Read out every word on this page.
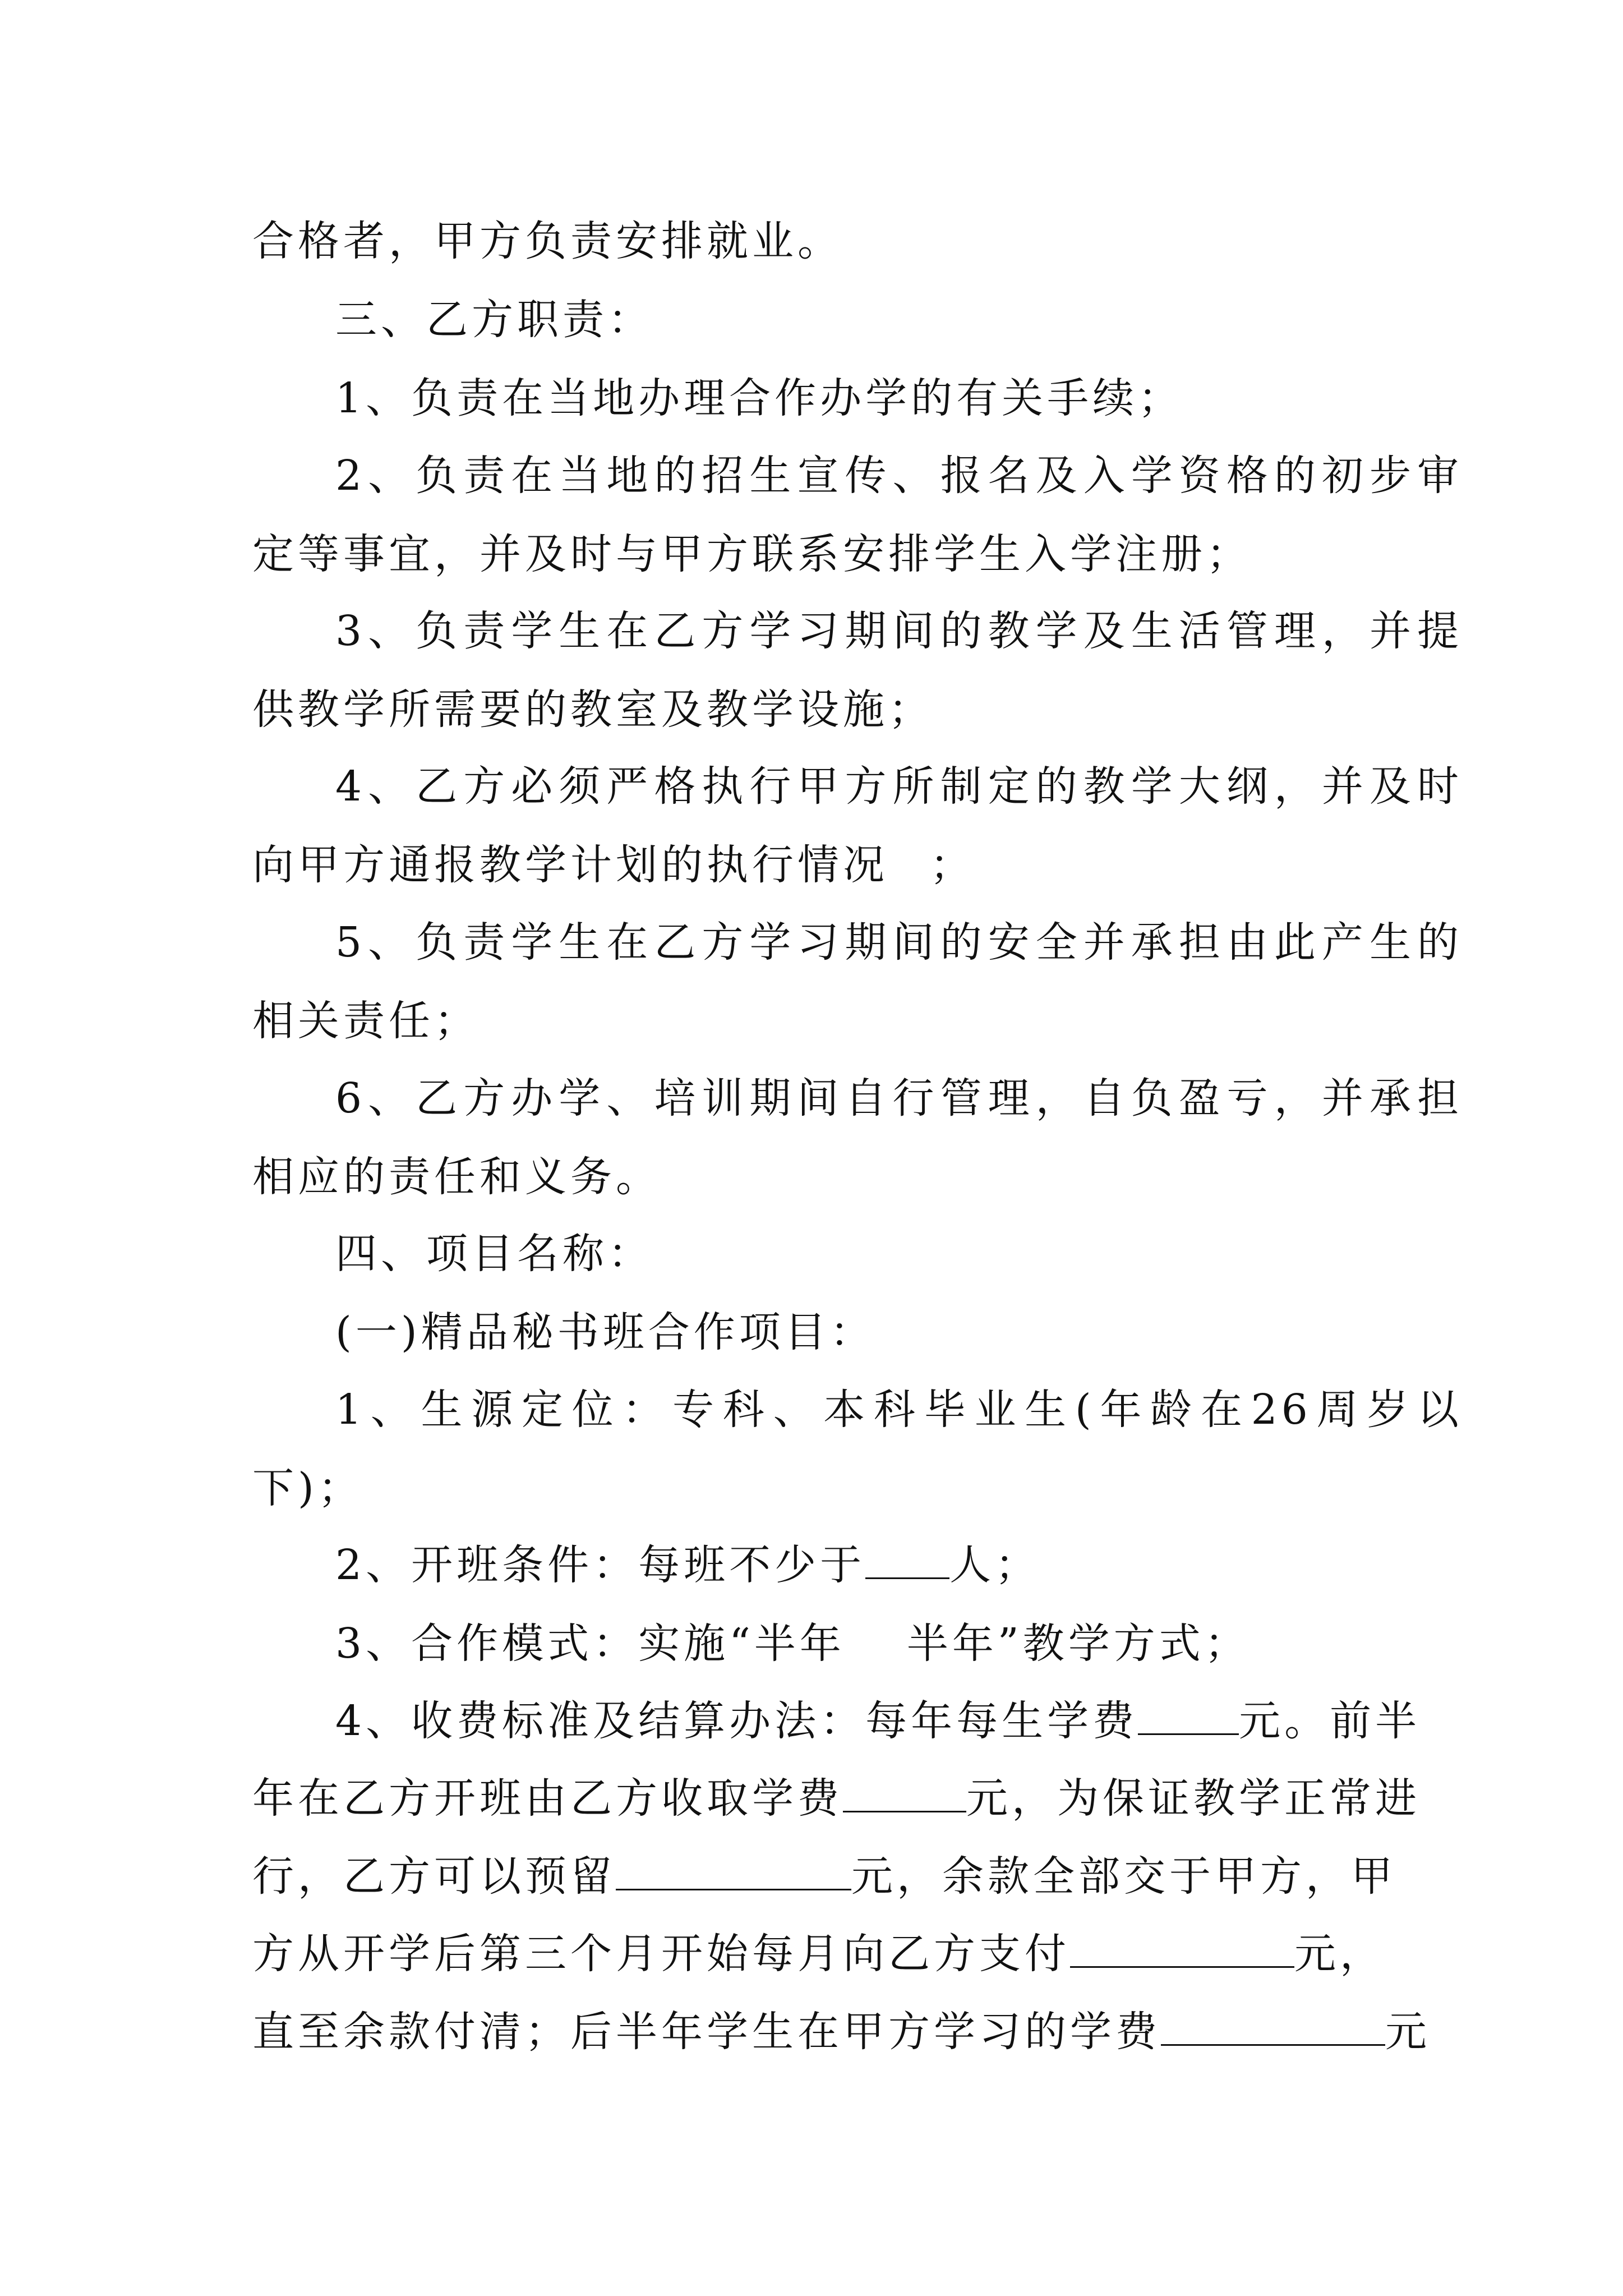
合格者，甲方负责安排就业。
三、乙方职责：
1、负责在当地办理合作办学的有关手续；
2、负责在当地的招生宣传、报名及入学资格的初步审
定等事宜，并及时与甲方联系安排学生入学注册；
3、负责学生在乙方学习期间的教学及生活管理，并提
供教学所需要的教室及教学设施；
4、乙方必须严格执行甲方所制定的教学大纲，并及时
向甲方通报教学计划的执行情况 ；
5、负责学生在乙方学习期间的安全并承担由此产生的
相关责任；
6、乙方办学、培训期间自行管理，自负盈亏，并承担
相应的责任和义务。
四、项目名称：
(一)精品秘书班合作项目：
1、生源定位：专科、本科毕业生(年龄在26周岁以
下)；
2、开班条件：每班不少于 人；
3、合作模式：实施“半年 半年”教学方式；
4、收费标准及结算办法：每年每生学费 元。前半
年在乙方开班由乙方收取学费	元，为保证教学正常进
行，乙方可以预留	元，余款全部交于甲方，甲
方从开学后第三个月开始每月向乙方支付	元，
直至余款付清；后半年学生在甲方学习的学费	元
